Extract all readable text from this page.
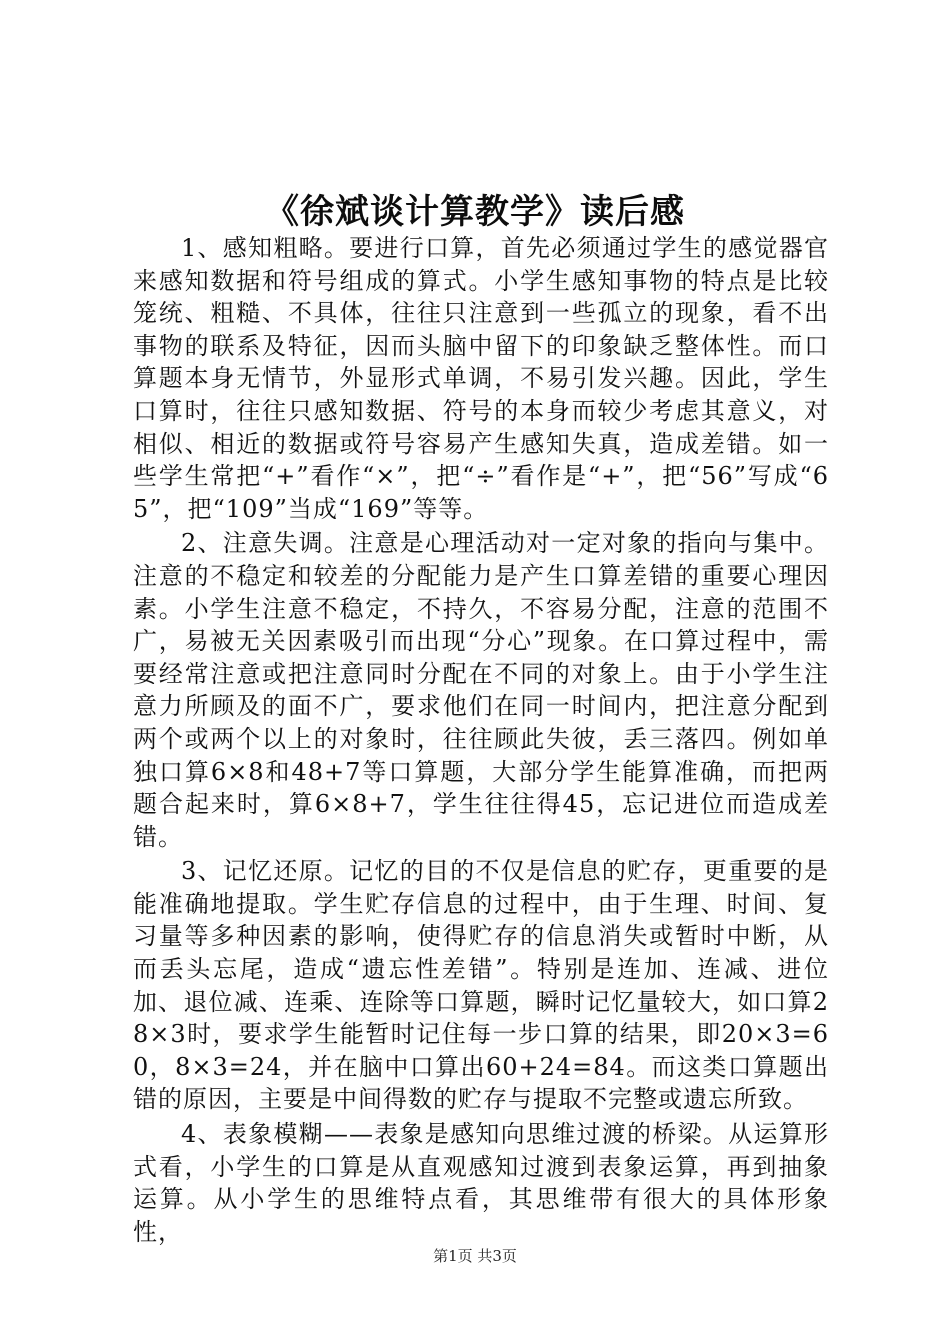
《徐斌谈计算教学》读后感

1、感知粗略。要进行口算，首先必须通过学生的感觉器官来感知数据和符号组成的算式。小学生感知事物的特点是比较笼统、粗糙、不具体，往往只注意到一些孤立的现象，看不出事物的联系及特征，因而头脑中留下的印象缺乏整体性。而口算题本身无情节，外显形式单调，不易引发兴趣。因此，学生口算时，往往只感知数据、符号的本身而较少考虑其意义，对相似、相近的数据或符号容易产生感知失真，造成差错。如一些学生常把“+”看作“×”，把“÷”看作是“+”，把“56”写成“65”，把“109”当成“169”等等。

2、注意失调。注意是心理活动对一定对象的指向与集中。注意的不稳定和较差的分配能力是产生口算差错的重要心理因素。小学生注意不稳定，不持久，不容易分配，注意的范围不广，易被无关因素吸引而出现“分心”现象。在口算过程中，需要经常注意或把注意同时分配在不同的对象上。由于小学生注意力所顾及的面不广，要求他们在同一时间内，把注意分配到两个或两个以上的对象时，往往顾此失彼，丢三落四。例如单独口算6×8和48+7等口算题，大部分学生能算准确，而把两题合起来时，算6×8+7，学生往往得45，忘记进位而造成差错。

3、记忆还原。记忆的目的不仅是信息的贮存，更重要的是能准确地提取。学生贮存信息的过程中，由于生理、时间、复习量等多种因素的影响，使得贮存的信息消失或暂时中断，从而丢头忘尾，造成“遗忘性差错”。特别是连加、连减、进位加、退位减、连乘、连除等口算题，瞬时记忆量较大，如口算28×3时，要求学生能暂时记住每一步口算的结果，即20×3=60，8×3=24，并在脑中口算出60+24=84。而这类口算题出错的原因，主要是中间得数的贮存与提取不完整或遗忘所致。

4、表象模糊——表象是感知向思维过渡的桥梁。从运算形式看，小学生的口算是从直观感知过渡到表象运算，再到抽象运算。从小学生的思维特点看，其思维带有很大的具体形象性，

第1页 共3页
